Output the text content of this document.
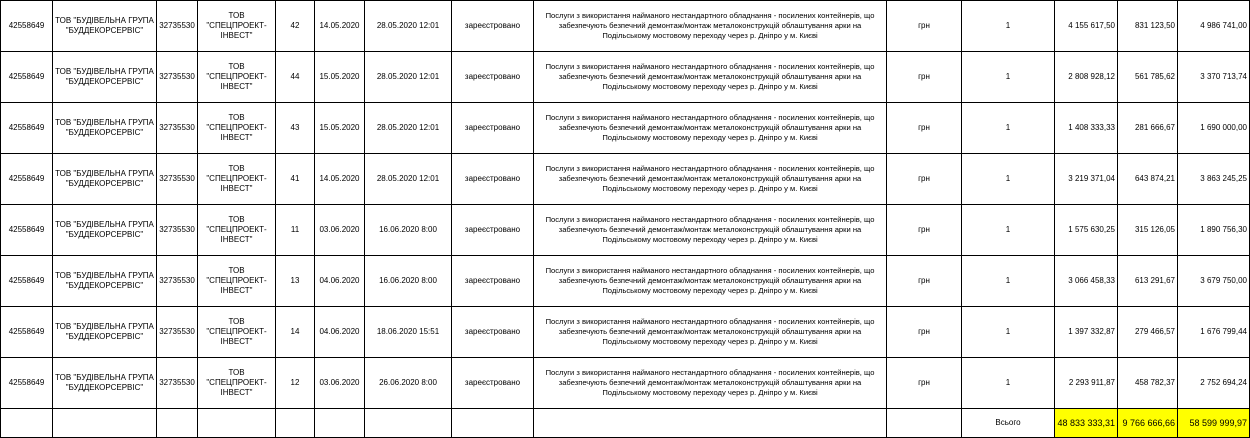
42558649	ТОВ "БУДІВЕЛЬНА ГРУПА "БУДДЕКОРСЕРВІС"	32735530	ТОВ "СПЕЦПРОЕКТ-ІНВЕСТ"	42	14.05.2020	28.05.2020 12:01	зареєстровано	Послуги з використання найманого нестандартного обладнання - посилених контейнерів, що забезпечують безпечний демонтаж/монтаж металоконструкцій облаштування арки на Подільському мостовому переходу через р. Дніпро у м. Києві	грн	1	4 155 617,50	831 123,50	4 986 741,00
42558649	ТОВ "БУДІВЕЛЬНА ГРУПА "БУДДЕКОРСЕРВІС"	32735530	ТОВ "СПЕЦПРОЕКТ-ІНВЕСТ"	44	15.05.2020	28.05.2020 12:01	зареєстровано	Послуги з використання найманого нестандартного обладнання - посилених контейнерів, що забезпечують безпечний демонтаж/монтаж металоконструкцій облаштування арки на Подільському мостовому переходу через р. Дніпро у м. Києві	грн	1	2 808 928,12	561 785,62	3 370 713,74
42558649	ТОВ "БУДІВЕЛЬНА ГРУПА "БУДДЕКОРСЕРВІС"	32735530	ТОВ "СПЕЦПРОЕКТ-ІНВЕСТ"	43	15.05.2020	28.05.2020 12:01	зареєстровано	Послуги з використання найманого нестандартного обладнання - посилених контейнерів, що забезпечують безпечний демонтаж/монтаж металоконструкцій облаштування арки на Подільському мостовому переходу через р. Дніпро у м. Києві	грн	1	1 408 333,33	281 666,67	1 690 000,00
42558649	ТОВ "БУДІВЕЛЬНА ГРУПА "БУДДЕКОРСЕРВІС"	32735530	ТОВ "СПЕЦПРОЕКТ-ІНВЕСТ"	41	14.05.2020	28.05.2020 12:01	зареєстровано	Послуги з використання найманого нестандартного обладнання - посилених контейнерів, що забезпечують безпечний демонтаж/монтаж металоконструкцій облаштування арки на Подільському мостовому переходу через р. Дніпро у м. Києві	грн	1	3 219 371,04	643 874,21	3 863 245,25
42558649	ТОВ "БУДІВЕЛЬНА ГРУПА "БУДДЕКОРСЕРВІС"	32735530	ТОВ "СПЕЦПРОЕКТ-ІНВЕСТ"	11	03.06.2020	16.06.2020 8:00	зареєстровано	Послуги з використання найманого нестандартного обладнання - посилених контейнерів, що забезпечують безпечний демонтаж/монтаж металоконструкцій облаштування арки на Подільському мостовому переходу через р. Дніпро у м. Києві	грн	1	1 575 630,25	315 126,05	1 890 756,30
42558649	ТОВ "БУДІВЕЛЬНА ГРУПА "БУДДЕКОРСЕРВІС"	32735530	ТОВ "СПЕЦПРОЕКТ-ІНВЕСТ"	13	04.06.2020	16.06.2020 8:00	зареєстровано	Послуги з використання найманого нестандартного обладнання - посилених контейнерів, що забезпечують безпечний демонтаж/монтаж металоконструкцій облаштування арки на Подільському мостовому переходу через р. Дніпро у м. Києві	грн	1	3 066 458,33	613 291,67	3 679 750,00
42558649	ТОВ "БУДІВЕЛЬНА ГРУПА "БУДДЕКОРСЕРВІС"	32735530	ТОВ "СПЕЦПРОЕКТ-ІНВЕСТ"	14	04.06.2020	18.06.2020 15:51	зареєстровано	Послуги з використання найманого нестандартного обладнання - посилених контейнерів, що забезпечують безпечний демонтаж/монтаж металоконструкцій облаштування арки на Подільському мостовому переходу через р. Дніпро у м. Києві	грн	1	1 397 332,87	279 466,57	1 676 799,44
42558649	ТОВ "БУДІВЕЛЬНА ГРУПА "БУДДЕКОРСЕРВІС"	32735530	ТОВ "СПЕЦПРОЕКТ-ІНВЕСТ"	12	03.06.2020	26.06.2020 8:00	зареєстровано	Послуги з використання найманого нестандартного обладнання - посилених контейнерів, що забезпечують безпечний демонтаж/монтаж металоконструкцій облаштування арки на Подільському мостовому переходу через р. Дніпро у м. Києві	грн	1	2 293 911,87	458 782,37	2 752 694,24
										Всього	48 833 333,31	9 766 666,66	58 599 999,97
